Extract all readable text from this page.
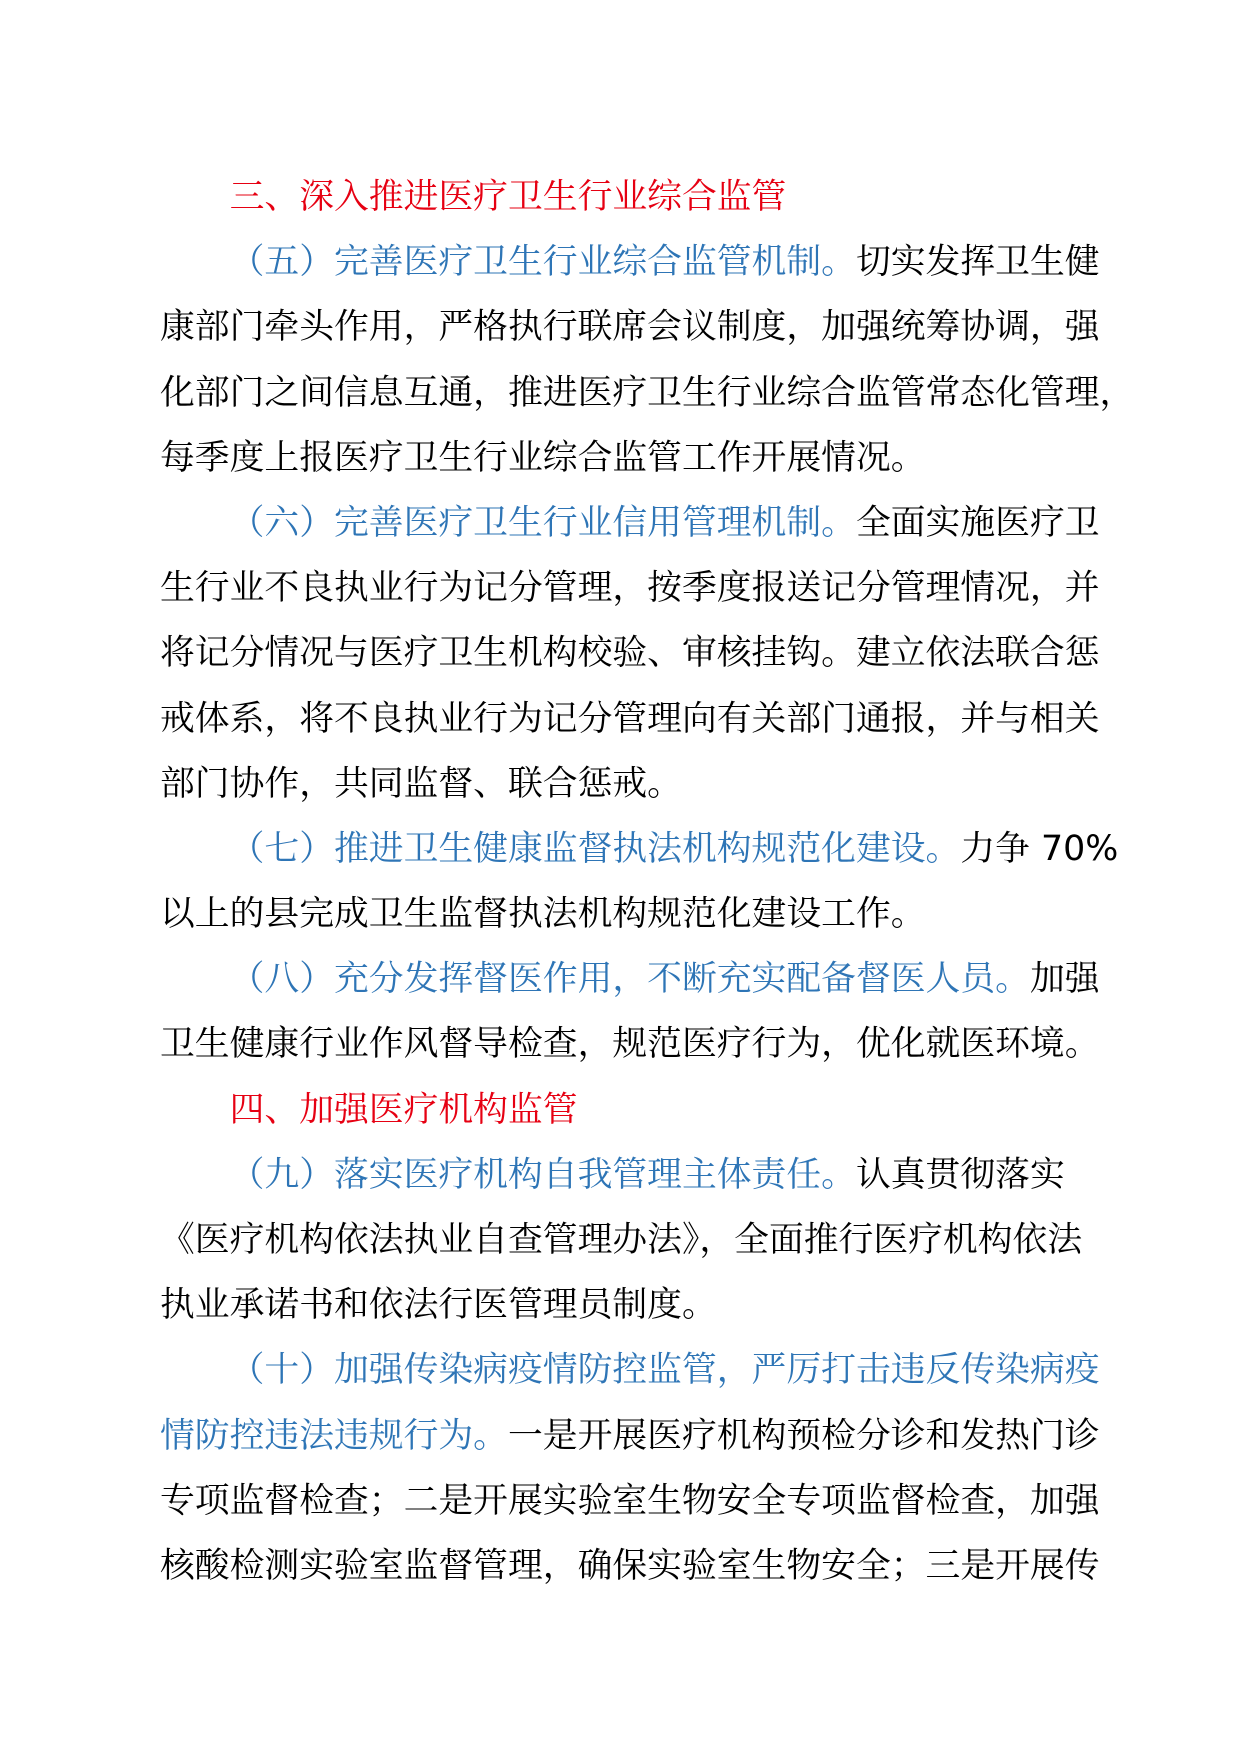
三、深入推进医疗卫生行业综合监管
（五）完善医疗卫生行业综合监管机制。切实发挥卫生健
康部门牵头作用，严格执行联席会议制度，加强统筹协调，强
化部门之间信息互通，推进医疗卫生行业综合监管常态化管理，
每季度上报医疗卫生行业综合监管工作开展情况。
（六）完善医疗卫生行业信用管理机制。全面实施医疗卫
生行业不良执业行为记分管理，按季度报送记分管理情况，并
将记分情况与医疗卫生机构校验、审核挂钩。建立依法联合惩
戒体系，将不良执业行为记分管理向有关部门通报，并与相关
部门协作，共同监督、联合惩戒。
（七）推进卫生健康监督执法机构规范化建设。力争 70%
以上的县完成卫生监督执法机构规范化建设工作。
（八）充分发挥督医作用，不断充实配备督医人员。加强
卫生健康行业作风督导检查，规范医疗行为，优化就医环境。
四、加强医疗机构监管
（九）落实医疗机构自我管理主体责任。认真贯彻落实
《医疗机构依法执业自查管理办法》，全面推行医疗机构依法
执业承诺书和依法行医管理员制度。
（十）加强传染病疫情防控监管，严厉打击违反传染病疫
情防控违法违规行为。一是开展医疗机构预检分诊和发热门诊
专项监督检查；二是开展实验室生物安全专项监督检查，加强
核酸检测实验室监督管理，确保实验室生物安全；三是开展传
